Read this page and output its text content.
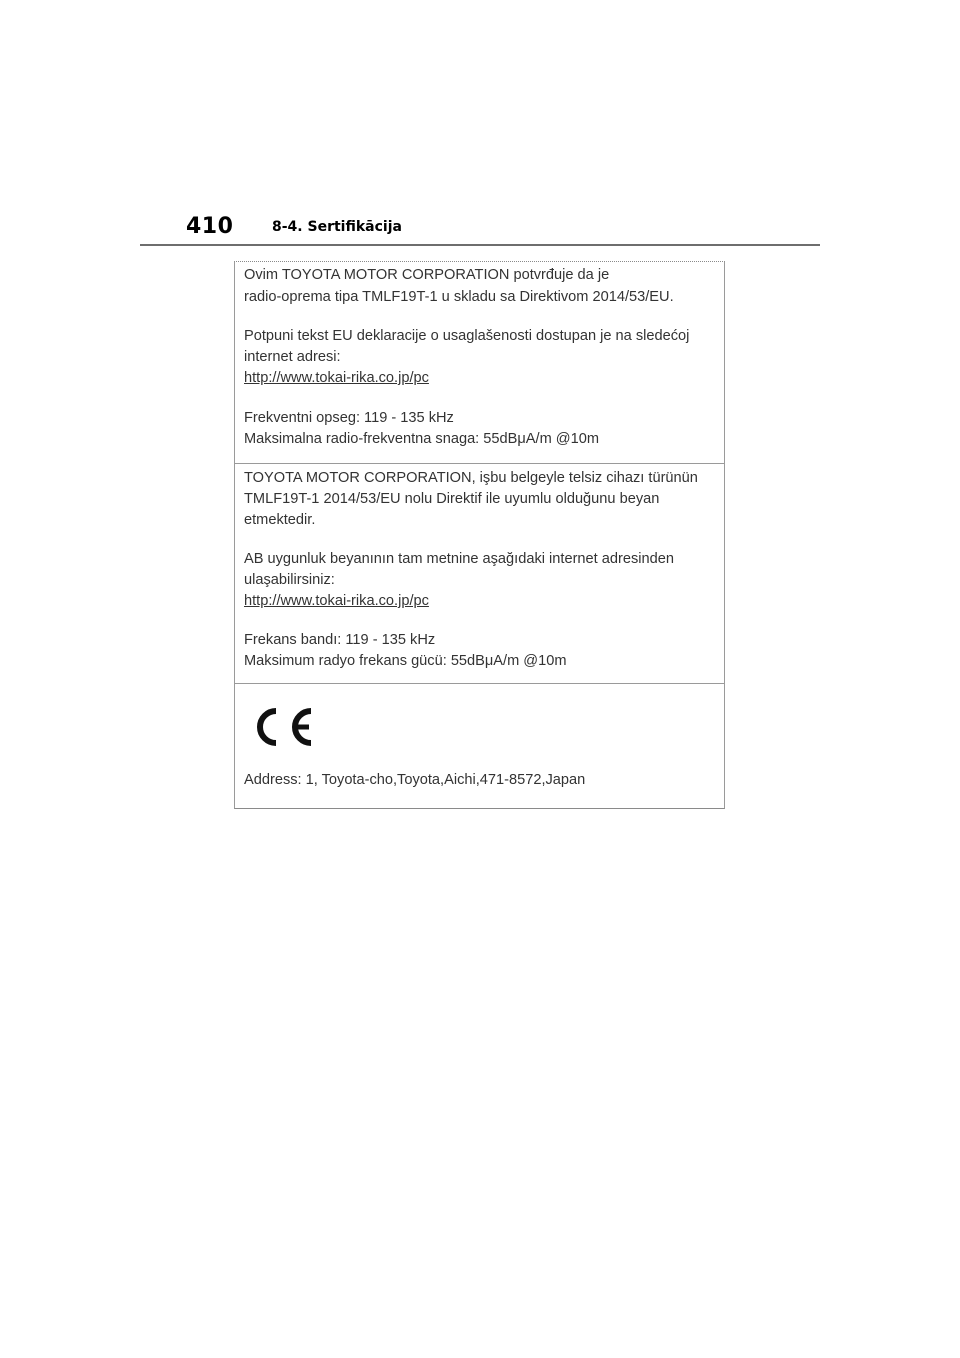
410	8-4. Sertifikācija
Ovim TOYOTA MOTOR CORPORATION potvrđuje da je
radio-oprema tipa TMLF19T-1 u skladu sa Direktivom 2014/53/EU.
Potpuni tekst EU deklaracije o usaglašenosti dostupan je na sledećoj
internet adresi:
http://www.tokai-rika.co.jp/pc
Frekventni opseg: 119 - 135 kHz
Maksimalna radio-frekventna snaga: 55dBμA/m @10m
TOYOTA MOTOR CORPORATION, işbu belgeyle telsiz cihazı türünün
TMLF19T-1 2014/53/EU nolu Direktif ile uyumlu olduğunu beyan
etmektedir.
AB uygunluk beyanının tam metnine aşağıdaki internet adresinden
ulaşabilirsiniz:
http://www.tokai-rika.co.jp/pc
Frekans bandı: 119 - 135 kHz
Maksimum radyo frekans gücü: 55dBμA/m @10m
Address: 1, Toyota-cho,Toyota,Aichi,471-8572,Japan
